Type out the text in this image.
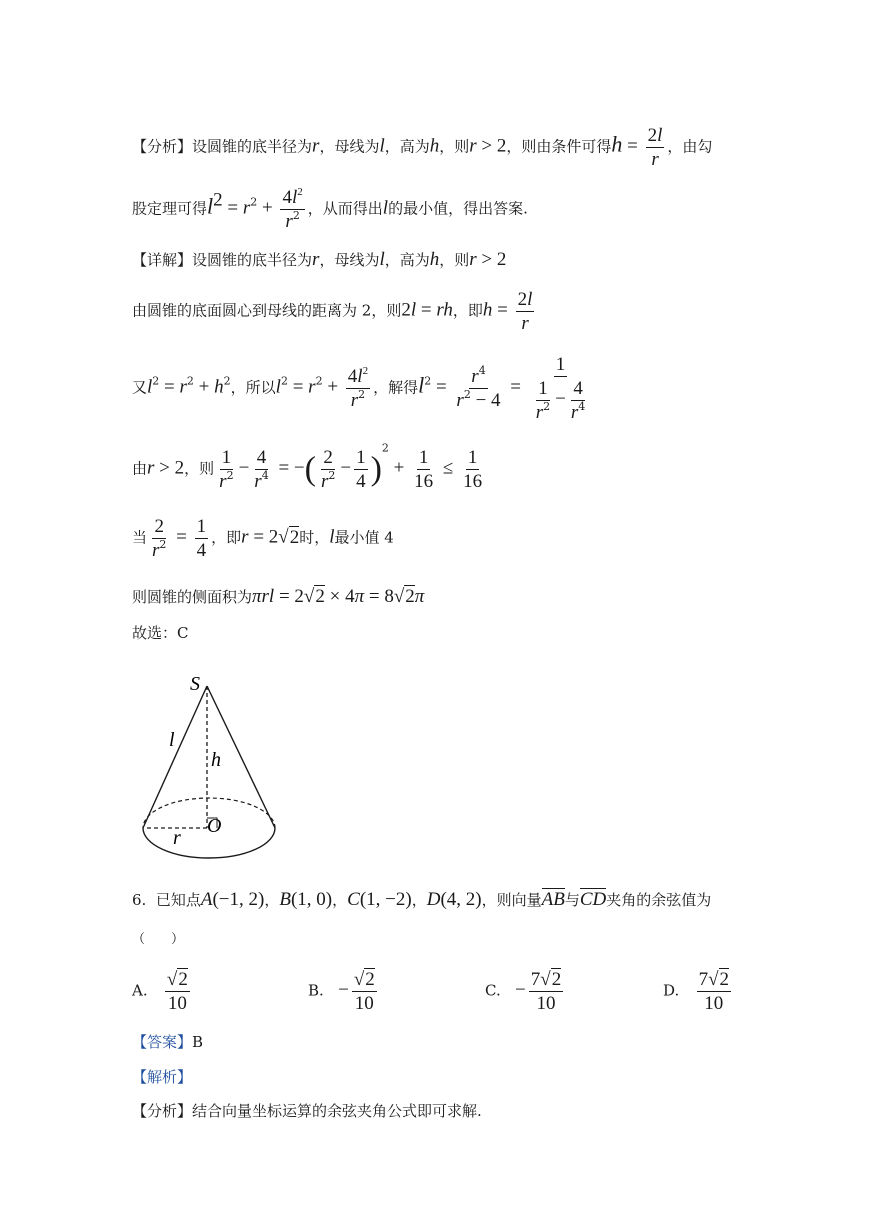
【分析】设圆锥的底半径为r，母线为l，高为h，则r > 2，则由条件可得$h = \frac{2l}{r}$ ，由勾
股定理可得$l^2 = r^2 + \frac{4l^2}{r^2}$ ，从而得出l的最小值，得出答案.
【详解】设圆锥的底半径为r，母线为l，高为h，则r > 2
由圆锥的底面圆心到母线的距离为 2，则2l = rh，即$h = \frac{2l}{r}$
又$l^2 = r^2 + h^2$，所以$l^2 = r^2 + \frac{4l^2}{r^2}$ ，解得$l^2 = \frac{r^4}{r^2 - 4} = \frac{1}{\frac{1}{r^2} - \frac{4}{r^4}}$
由r > 2，则 $\frac{1}{r^2} - \frac{4}{r^4}$ = −( $\frac{2}{r^2} - \frac{1}{4} )^2 + \frac{1}{16} \le \frac{1}{16}$
当 $\frac{2}{r^2} = \frac{1}{4}$ ，即r = 2√2时，l最小值 4
则圆锥的侧面积为πrl = 2√2 × 4π = 8√2π
故选：C
S
l
h
O
r
6. 已知点A(−1, 2)，B(1, 0)，C(1, −2)，D(4, 2)，则向量AB与CD夹角的余弦值为
（　　）
A. $\frac{√2}{10}$	B. − $\frac{√2}{10}$	C. − $\frac{7√2}{10}$	D. $\frac{7√2}{10}$
【答案】B
【解析】
【分析】结合向量坐标运算的余弦夹角公式即可求解.
